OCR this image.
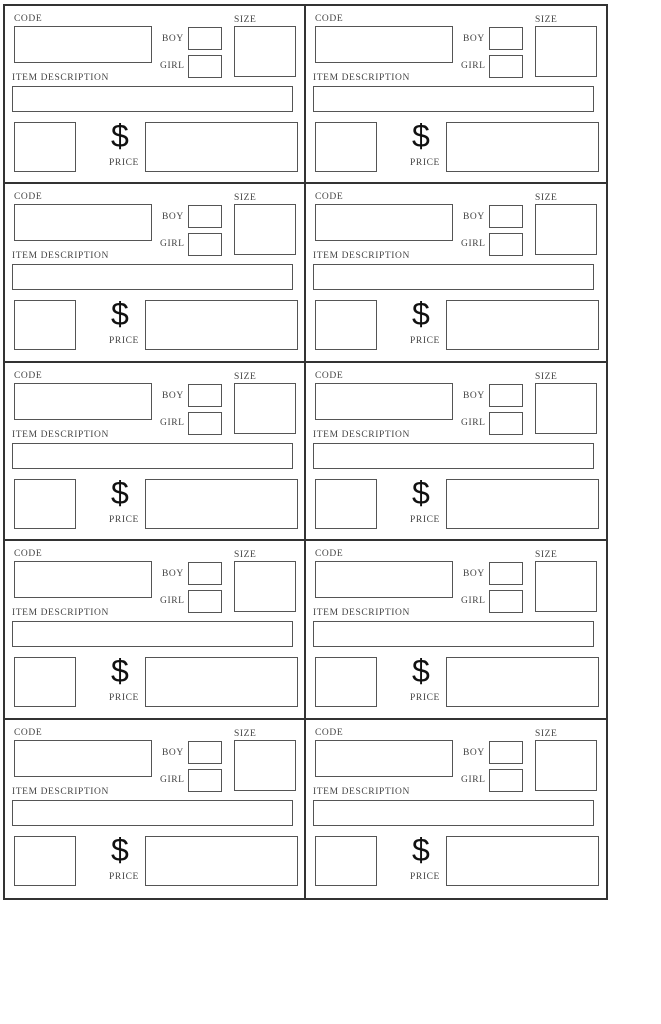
CODE
BOY
GIRL
SIZE
ITEM DESCRIPTION
$
PRICE
CODE
BOY
GIRL
SIZE
ITEM DESCRIPTION
$
PRICE
CODE
BOY
GIRL
SIZE
ITEM DESCRIPTION
$
PRICE
CODE
BOY
GIRL
SIZE
ITEM DESCRIPTION
$
PRICE
CODE
BOY
GIRL
SIZE
ITEM DESCRIPTION
$
PRICE
CODE
BOY
GIRL
SIZE
ITEM DESCRIPTION
$
PRICE
CODE
BOY
GIRL
SIZE
ITEM DESCRIPTION
$
PRICE
CODE
BOY
GIRL
SIZE
ITEM DESCRIPTION
$
PRICE
CODE
BOY
GIRL
SIZE
ITEM DESCRIPTION
$
PRICE
CODE
BOY
GIRL
SIZE
ITEM DESCRIPTION
$
PRICE
